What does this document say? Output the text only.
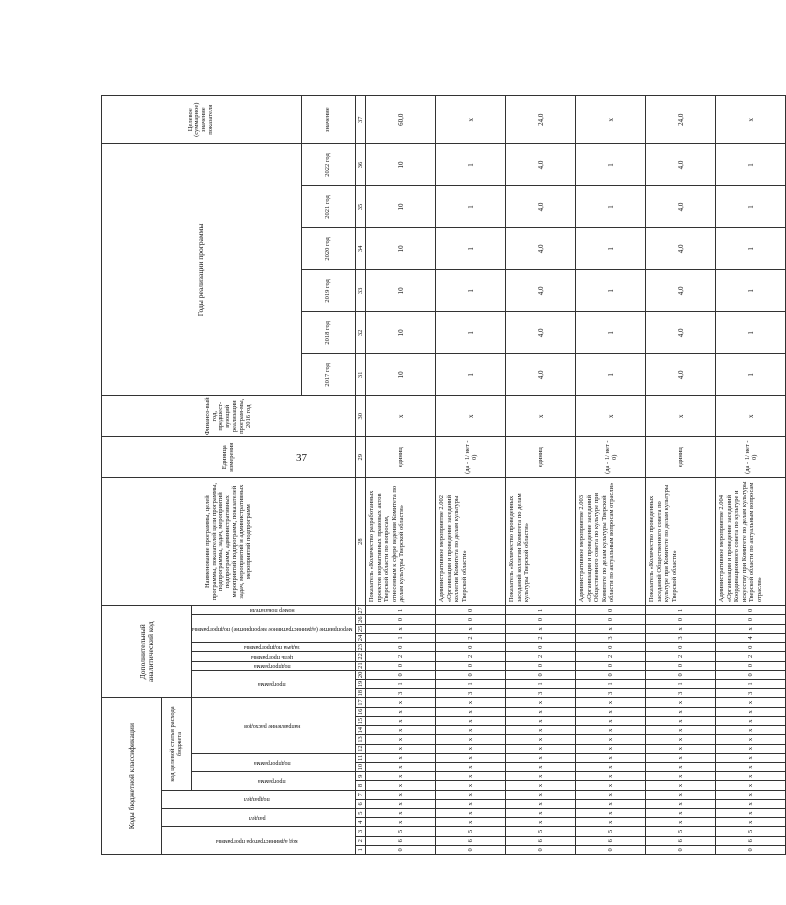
37
Коды бюджетной классификации																	Дополнительный аналитический код										Наименование программы, целей программы, показателей цели программы, подпрограммы, задач, мероприятий подпрограмм, административных мероприятий подпрограмм, показателей задач, мероприятий и административных мероприятий подпрограмм	Единица измерения	Финансо-вый год, предшест-вующий реализации програм-мы, 2016 год	Годы реализации программы						Целевое (суммарное) значение показателя
код администратора программы			раздел		подраздел		код целевой статьи расхода бюджета																													
							программа		подпрограмма		направление расходов						программа			подпрограмма	цель программы	задача подпрограммы	мероприятие (административное мероприятие) подпрограммы			номер показателя										
																														2017 год	2018 год	2019 год	2020 год	2021 год	2022 год	значение
1	2	3	4	5	6	7	8	9	10	11	12	13	14	15	16	17	18	19	20	21	22	23	24	25	26	27	28	29	30	31	32	33	34	35	36	37
0	6	5	х	х	х	х	х	х	х	х	х	х	х	х	х	х	3	1	0	0	2	0	1	х	0	1	Показатель «Количество разработанных проектов нормативных правовых актов Тверской области по вопросам, отнесенным к сфере ведения Комитета по делам культуры Тверской области»	единиц	х	10	10	10	10	10	10	60,0
0	6	5	х	х	х	х	х	х	х	х	х	х	х	х	х	х	3	1	0	0	2	0	2	х	0	0	Административное мероприятие 2.002 «Организация и проведение заседаний коллегии Комитета по делам культуры Тверской области»	(да - 1/ нет - 0)	х	1	1	1	1	1	1	х
0	6	5	х	х	х	х	х	х	х	х	х	х	х	х	х	х	3	1	0	0	2	0	2	х	0	1	Показатель «Количество проведенных заседаний коллегии Комитета по делам культуры Тверской области»	единиц	х	4,0	4,0	4,0	4,0	4,0	4,0	24,0
0	6	5	х	х	х	х	х	х	х	х	х	х	х	х	х	х	3	1	0	0	2	0	3	х	0	0	Административное мероприятие 2.003 «Организация и проведение заседаний Общественного совета по культуре при Комитете по делам культуры Тверской области по актуальным вопросам отрасли»	(да - 1/ нет - 0)	х	1	1	1	1	1	1	х
0	6	5	х	х	х	х	х	х	х	х	х	х	х	х	х	х	3	1	0	0	2	0	3	х	0	1	Показатель «Количество проведенных заседаний Общественного совета по культуре при Комитете по делам культуры Тверской области»	единиц	х	4,0	4,0	4,0	4,0	4,0	4,0	24,0
0	6	5	х	х	х	х	х	х	х	х	х	х	х	х	х	х	3	1	0	0	2	0	4	х	0	0	Административное мероприятие 2.004 «Организация и проведение заседаний Координационного совета по культуре и искусству при Комитете по делам культуры Тверской области по актуальным вопросам отрасли»	(да - 1/ нет - 0)	х	1	1	1	1	1	1	х
